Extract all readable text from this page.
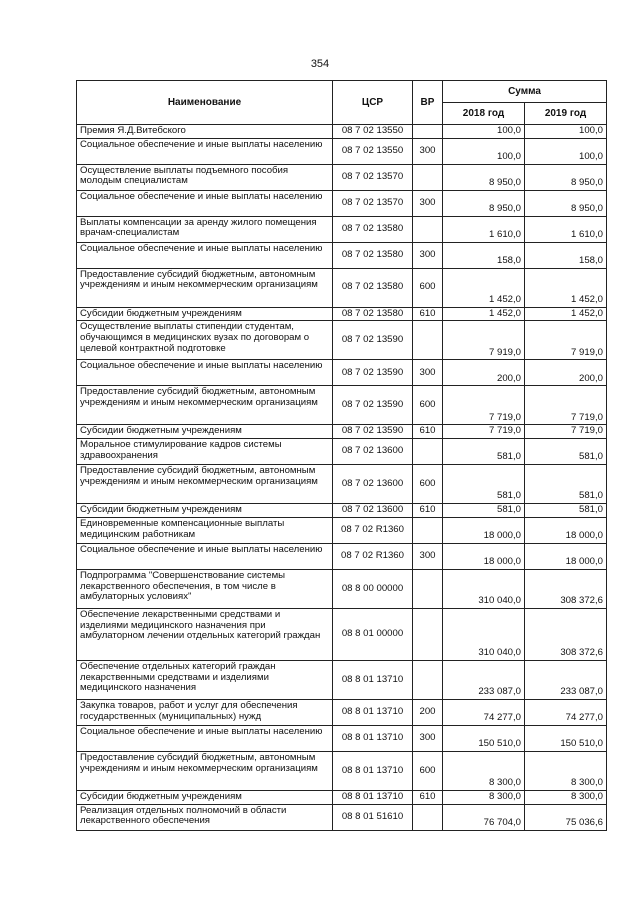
354
Наименование	ЦСР	ВР	Сумма	
			2018 год	2019 год
Премия Я.Д.Витебского	08 7 02 13550		100,0	100,0
Социальное обеспечение и иные выплаты населению	08 7 02 13550	300	100,0	100,0
Осуществление выплаты подъемного пособия молодым специалистам	08 7 02 13570		8 950,0	8 950,0
Социальное обеспечение и иные выплаты населению	08 7 02 13570	300	8 950,0	8 950,0
Выплаты компенсации за аренду жилого помещения врачам-специалистам	08 7 02 13580		1 610,0	1 610,0
Социальное обеспечение и иные выплаты населению	08 7 02 13580	300	158,0	158,0
Предоставление субсидий бюджетным, автономным учреждениям и иным некоммерческим организациям	08 7 02 13580	600	1 452,0	1 452,0
Субсидии бюджетным учреждениям	08 7 02 13580	610	1 452,0	1 452,0
Осуществление выплаты стипендии студентам, обучающимся в медицинских вузах по договорам о целевой контрактной подготовке	08 7 02 13590		7 919,0	7 919,0
Социальное обеспечение и иные выплаты населению	08 7 02 13590	300	200,0	200,0
Предоставление субсидий бюджетным, автономным учреждениям и иным некоммерческим организациям	08 7 02 13590	600	7 719,0	7 719,0
Субсидии бюджетным учреждениям	08 7 02 13590	610	7 719,0	7 719,0
Моральное стимулирование кадров системы здравоохранения	08 7 02 13600		581,0	581,0
Предоставление субсидий бюджетным, автономным учреждениям и иным некоммерческим организациям	08 7 02 13600	600	581,0	581,0
Субсидии бюджетным учреждениям	08 7 02 13600	610	581,0	581,0
Единовременные компенсационные выплаты медицинским работникам	08 7 02 R1360		18 000,0	18 000,0
Социальное обеспечение и иные выплаты населению	08 7 02 R1360	300	18 000,0	18 000,0
Подпрограмма "Совершенствование системы лекарственного обеспечения, в том числе в амбулаторных условиях"	08 8 00 00000		310 040,0	308 372,6
Обеспечение лекарственными средствами и изделиями медицинского назначения при амбулаторном лечении отдельных категорий граждан	08 8 01 00000		310 040,0	308 372,6
Обеспечение отдельных категорий граждан лекарственными средствами и изделиями медицинского назначения	08 8 01 13710		233 087,0	233 087,0
Закупка товаров, работ и услуг для обеспечения государственных (муниципальных) нужд	08 8 01 13710	200	74 277,0	74 277,0
Социальное обеспечение и иные выплаты населению	08 8 01 13710	300	150 510,0	150 510,0
Предоставление субсидий бюджетным, автономным учреждениям и иным некоммерческим организациям	08 8 01 13710	600	8 300,0	8 300,0
Субсидии бюджетным учреждениям	08 8 01 13710	610	8 300,0	8 300,0
Реализация отдельных полномочий в области лекарственного обеспечения	08 8 01 51610		76 704,0	75 036,6
